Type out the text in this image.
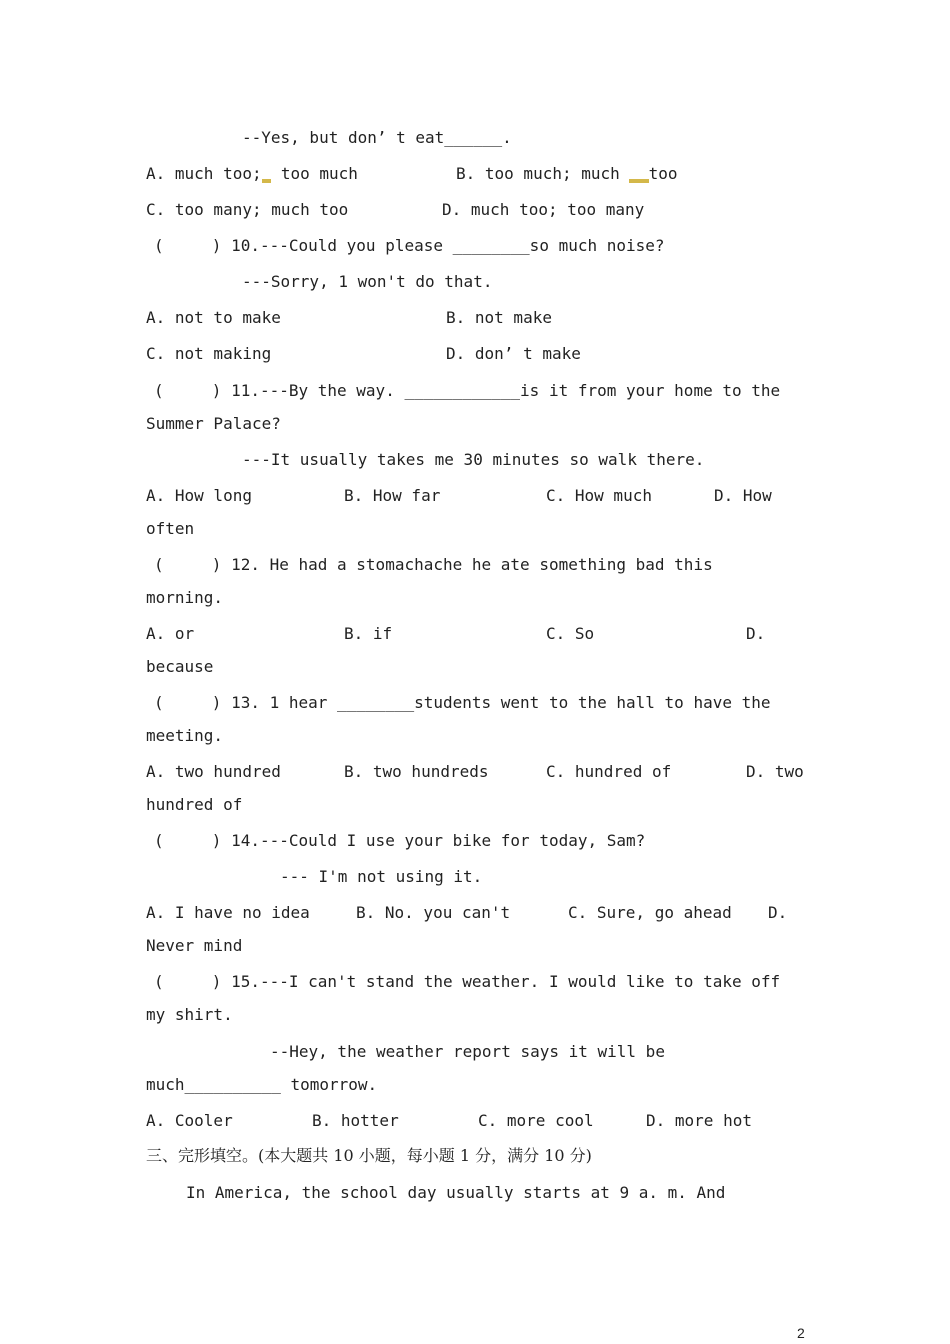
--Yes, but don’ t eat______.
A. much too;  too much	B. too much; much   too
C. too many; much too	D. much too; too many
(     ) 10.---Could you please ________so much noise?
---Sorry, 1 won't do that.
A. not to make	B. not make
C. not making	D. don’ t make
(     ) 11.---By the way. ____________is it from your home to the
Summer Palace?
---It usually takes me 30 minutes so walk there.
A. How long	B. How far	C. How much	D. How
often
(     ) 12. He had a stomachache he ate something bad this
morning.
A. or	B. if	C. So	D.
because
(     ) 13. 1 hear ________students went to the hall to have the
meeting.
A. two hundred	B. two hundreds	C. hundred of	D. two
hundred of
(     ) 14.---Could I use your bike for today, Sam?
--- I'm not using it.
A. I have no idea	B. No. you can't	C. Sure, go ahead D.
Never mind
(     ) 15.---I can't stand the weather. I would like to take off
my shirt.
--Hey, the weather report says it will be
much__________ tomorrow.
A. Cooler	B. hotter	C. more cool	D. more hot
三、完形填空。(本大题共 10 小题，每小题 1 分，满分 10 分)
In America, the school day usually starts at 9 a. m. And
2
